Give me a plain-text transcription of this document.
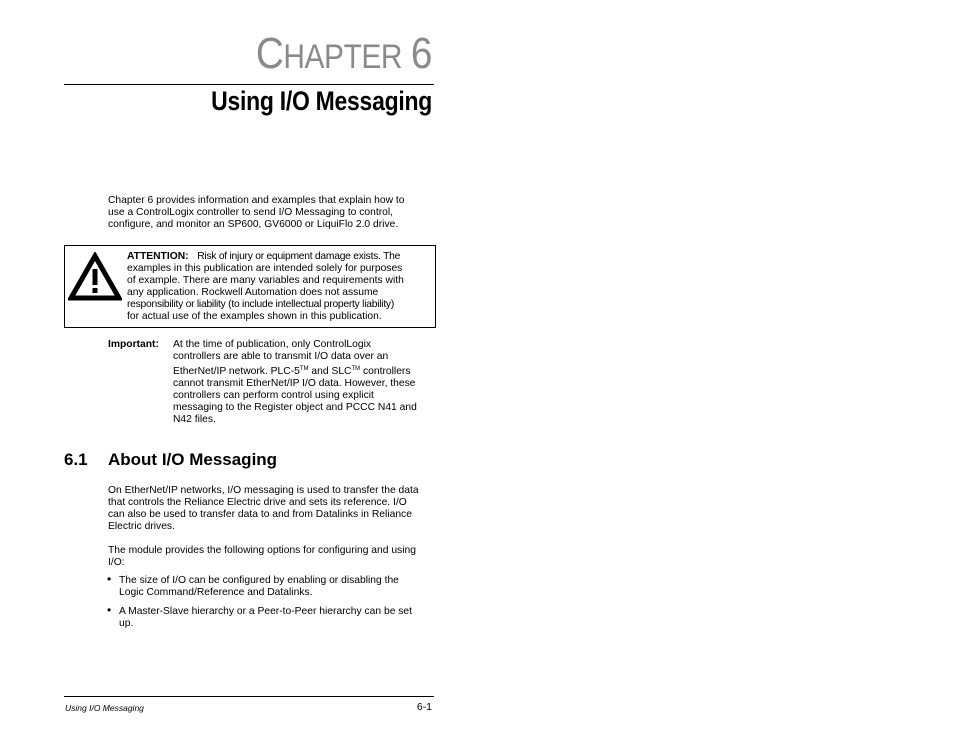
CHAPTER 6
Using I/O Messaging
Chapter 6 provides information and examples that explain how to
use a ControlLogix controller to send I/O Messaging to control,
configure, and monitor an SP600, GV6000 or LiquiFlo 2.0 drive.
ATTENTION: Risk of injury or equipment damage exists. The
examples in this publication are intended solely for purposes
of example. There are many variables and requirements with
any application. Rockwell Automation does not assume
responsibility or liability (to include intellectual property liability)
for actual use of the examples shown in this publication.
Important: At the time of publication, only ControlLogix
controllers are able to transmit I/O data over an
EtherNet/IP network. PLC-5™ and SLC™ controllers
cannot transmit EtherNet/IP I/O data. However, these
controllers can perform control using explicit
messaging to the Register object and PCCC N41 and
N42 files.
6.1 About I/O Messaging
On EtherNet/IP networks, I/O messaging is used to transfer the data
that controls the Reliance Electric drive and sets its reference. I/O
can also be used to transfer data to and from Datalinks in Reliance
Electric drives.
The module provides the following options for configuring and using
I/O:
• The size of I/O can be configured by enabling or disabling the
Logic Command/Reference and Datalinks.
• A Master-Slave hierarchy or a Peer-to-Peer hierarchy can be set
up.
Using I/O Messaging	6-1
